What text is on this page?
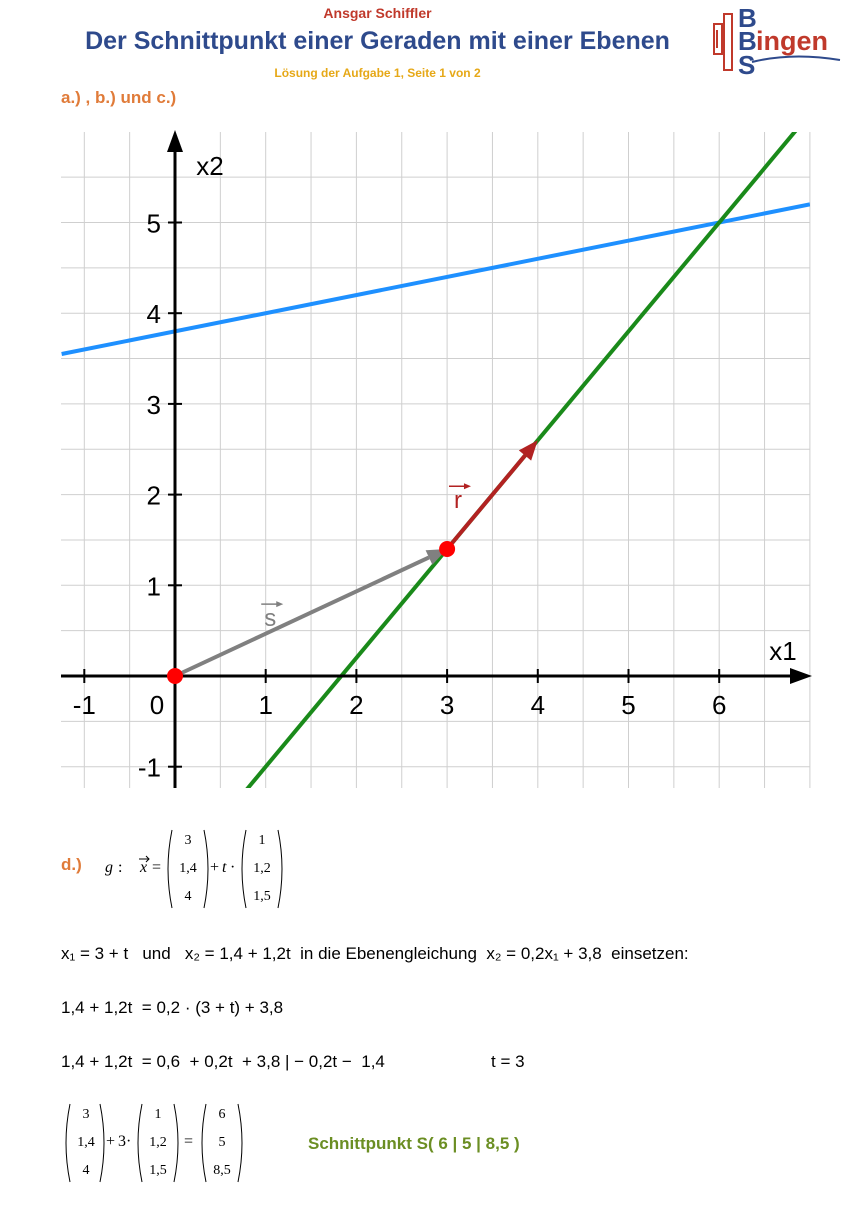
Ansgar Schiffler
Der Schnittpunkt einer Geraden mit einer Ebenen
Lösung der Aufgabe 1, Seite 1 von 2
B
B
S
ingen
a.) , b.) und c.)
s
r
x1
x2
-1 0	1	2	3	4	5	6
-1
1
2
3
4
5
d.) g : x =
3
1,4
4
+ t ·
1
1,2
1,5
x₁ = 3 + t   und   x₂ = 1,4 + 1,2t  in die Ebenengleichung  x₂ = 0,2x₁ + 3,8  einsetzen:
1,4 + 1,2t  = 0,2 · (3 + t) + 3,8
1,4 + 1,2t  = 0,6  + 0,2t  + 3,8 | − 0,2t −  1,4	t = 3
3
1,4
4
+ 3 ·
1
1,2
1,5
=
6
5
8,5
Schnittpunkt S( 6 | 5 | 8,5 )
